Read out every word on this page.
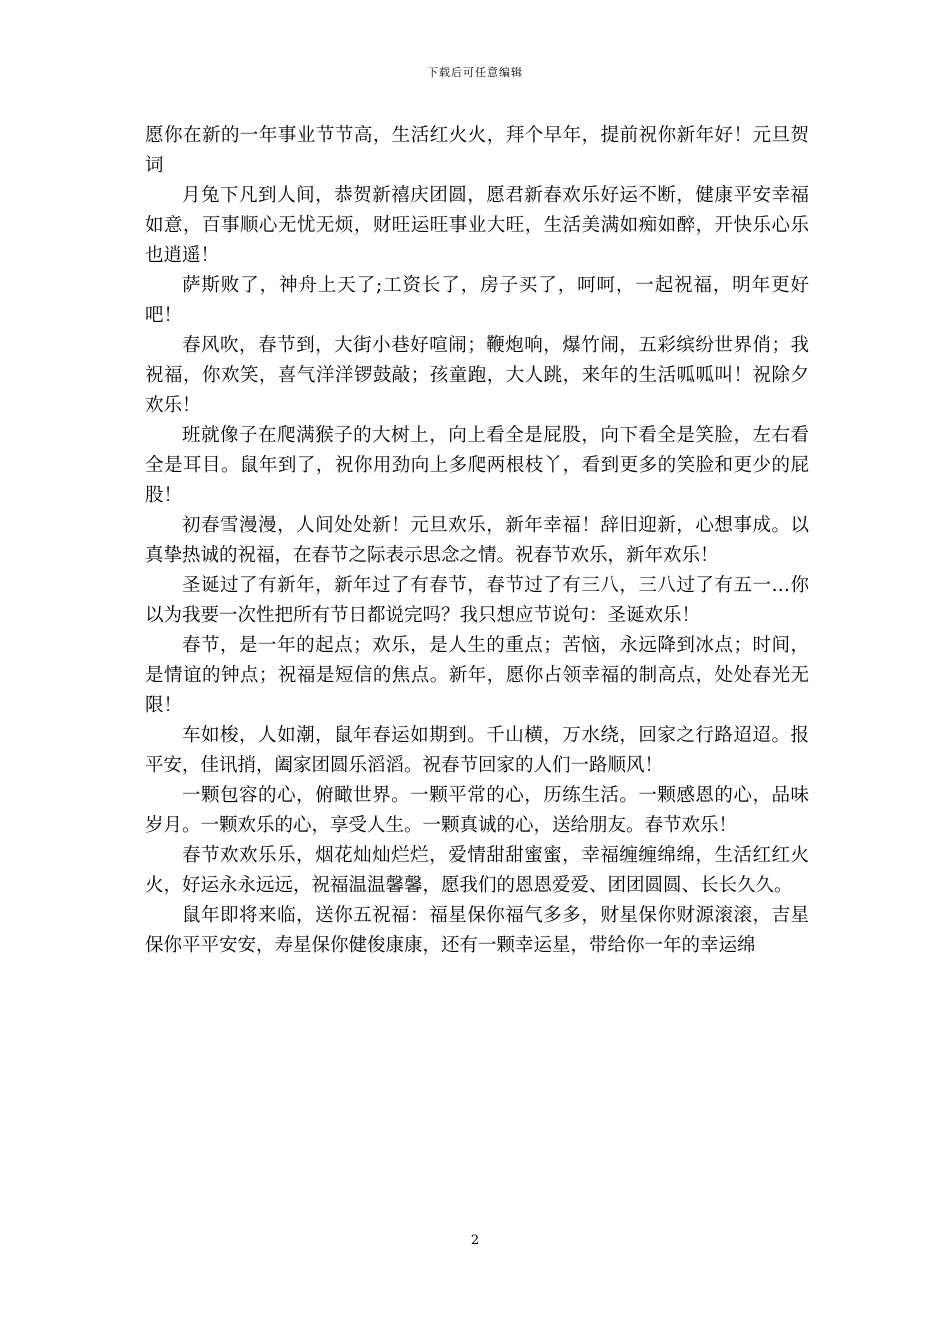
下载后可任意编辑

愿你在新的一年事业节节高，生活红火火，拜个早年，提前祝你新年好！元旦贺词

月兔下凡到人间，恭贺新禧庆团圆，愿君新春欢乐好运不断，健康平安幸福如意，百事顺心无忧无烦，财旺运旺事业大旺，生活美满如痴如醉，开快乐心乐也逍遥！

萨斯败了，神舟上天了;工资长了，房子买了，呵呵，一起祝福，明年更好吧！

春风吹，春节到，大街小巷好喧闹；鞭炮响，爆竹闹，五彩缤纷世界俏；我祝福，你欢笑，喜气洋洋锣鼓敲；孩童跑，大人跳，来年的生活呱呱叫！祝除夕欢乐！

班就像子在爬满猴子的大树上，向上看全是屁股，向下看全是笑脸，左右看全是耳目。鼠年到了，祝你用劲向上多爬两根枝丫，看到更多的笑脸和更少的屁股！

初春雪漫漫，人间处处新！元旦欢乐，新年幸福！辞旧迎新，心想事成。以真挚热诚的祝福，在春节之际表示思念之情。祝春节欢乐，新年欢乐！

圣诞过了有新年，新年过了有春节，春节过了有三八，三八过了有五一…你以为我要一次性把所有节日都说完吗？我只想应节说句：圣诞欢乐！

春节，是一年的起点；欢乐，是人生的重点；苦恼，永远降到冰点；时间，是情谊的钟点；祝福是短信的焦点。新年，愿你占领幸福的制高点，处处春光无限！

车如梭，人如潮，鼠年春运如期到。千山横，万水绕，回家之行路迢迢。报平安，佳讯捎，阖家团圆乐滔滔。祝春节回家的人们一路顺风！

一颗包容的心，俯瞰世界。一颗平常的心，历练生活。一颗感恩的心，品味岁月。一颗欢乐的心，享受人生。一颗真诚的心，送给朋友。春节欢乐！

春节欢欢乐乐，烟花灿灿烂烂，爱情甜甜蜜蜜，幸福缠缠绵绵，生活红红火火，好运永永远远，祝福温温馨馨，愿我们的恩恩爱爱、团团圆圆、长长久久。

鼠年即将来临，送你五祝福：福星保你福气多多，财星保你财源滚滚，吉星保你平平安安，寿星保你健俊康康，还有一颗幸运星，带给你一年的幸运绵

2
